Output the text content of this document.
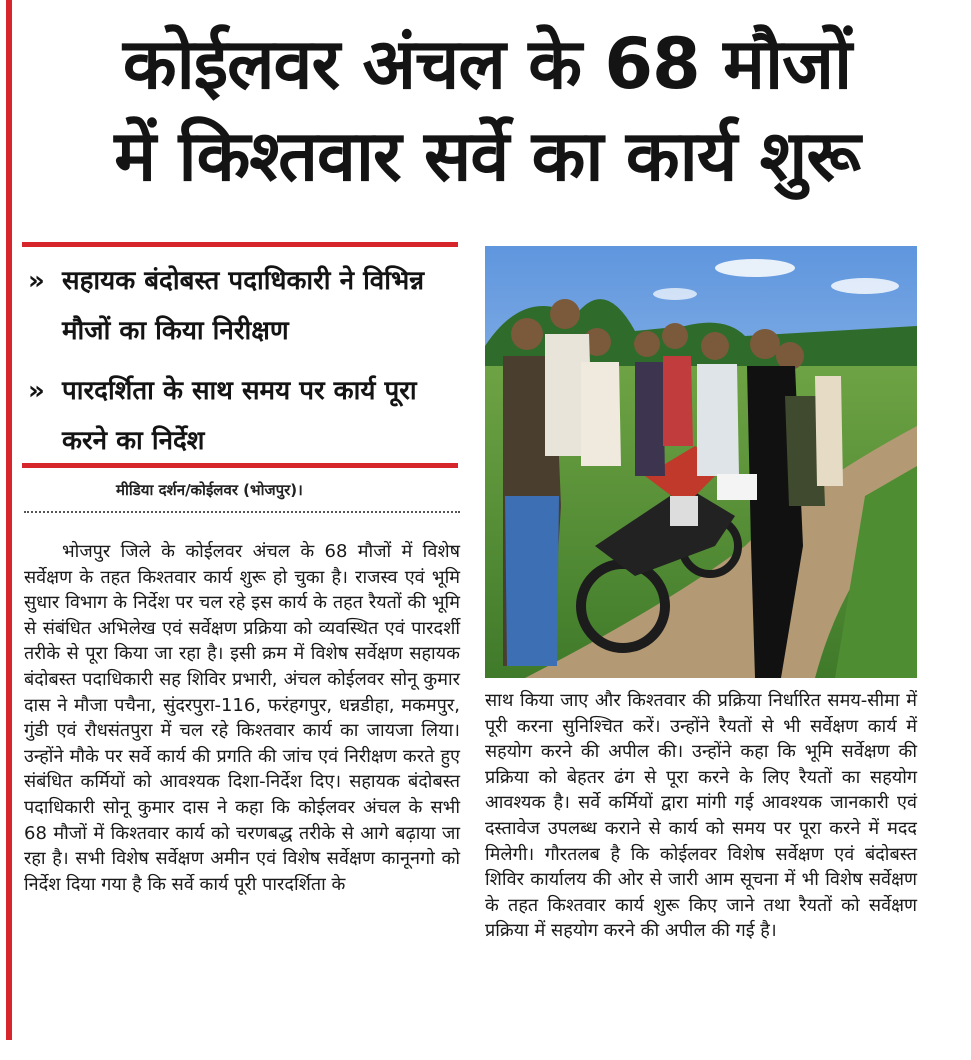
कोईलवर अंचल के 68 मौजों
में किश्तवार सर्वे का कार्य शुरू
» सहायक बंदोबस्त पदाधिकारी ने विभिन्न मौजों का किया निरीक्षण
» पारदर्शिता के साथ समय पर कार्य पूरा करने का निर्देश
मीडिया दर्शन/कोईलवर (भोजपुर)।

भोजपुर जिले के कोईलवर अंचल के 68 मौजों में विशेष सर्वेक्षण के तहत किश्तवार कार्य शुरू हो चुका है। राजस्व एवं भूमि सुधार विभाग के निर्देश पर चल रहे इस कार्य के तहत रैयतों की भूमि से संबंधित अभिलेख एवं सर्वेक्षण प्रक्रिया को व्यवस्थित एवं पारदर्शी तरीके से पूरा किया जा रहा है। इसी क्रम में विशेष सर्वेक्षण सहायक बंदोबस्त पदाधिकारी सह शिविर प्रभारी, अंचल कोईलवर सोनू कुमार दास ने मौजा पचैना, सुंदरपुरा-116, फरंहगपुर, धन्नडीहा, मकमपुर, गुंडी एवं रौधसंतपुरा में चल रहे किश्तवार कार्य का जायजा लिया। उन्होंने मौके पर सर्वे कार्य की प्रगति की जांच एवं निरीक्षण करते हुए संबंधित कर्मियों को आवश्यक दिशा-निर्देश दिए। सहायक बंदोबस्त पदाधिकारी सोनू कुमार दास ने कहा कि कोईलवर अंचल के सभी 68 मौजों में किश्तवार कार्य को चरणबद्ध तरीके से आगे बढ़ाया जा रहा है। सभी विशेष सर्वेक्षण अमीन एवं विशेष सर्वेक्षण कानूनगो को निर्देश दिया गया है कि सर्वे कार्य पूरी पारदर्शिता के

साथ किया जाए और किश्तवार की प्रक्रिया निर्धारित समय-सीमा में पूरी करना सुनिश्चित करें। उन्होंने रैयतों से भी सर्वेक्षण कार्य में सहयोग करने की अपील की। उन्होंने कहा कि भूमि सर्वेक्षण की प्रक्रिया को बेहतर ढंग से पूरा करने के लिए रैयतों का सहयोग आवश्यक है। सर्वे कर्मियों द्वारा मांगी गई आवश्यक जानकारी एवं दस्तावेज उपलब्ध कराने से कार्य को समय पर पूरा करने में मदद मिलेगी। गौरतलब है कि कोईलवर विशेष सर्वेक्षण एवं बंदोबस्त शिविर कार्यालय की ओर से जारी आम सूचना में भी विशेष सर्वेक्षण के तहत किश्तवार कार्य शुरू किए जाने तथा रैयतों को सर्वेक्षण प्रक्रिया में सहयोग करने की अपील की गई है।
